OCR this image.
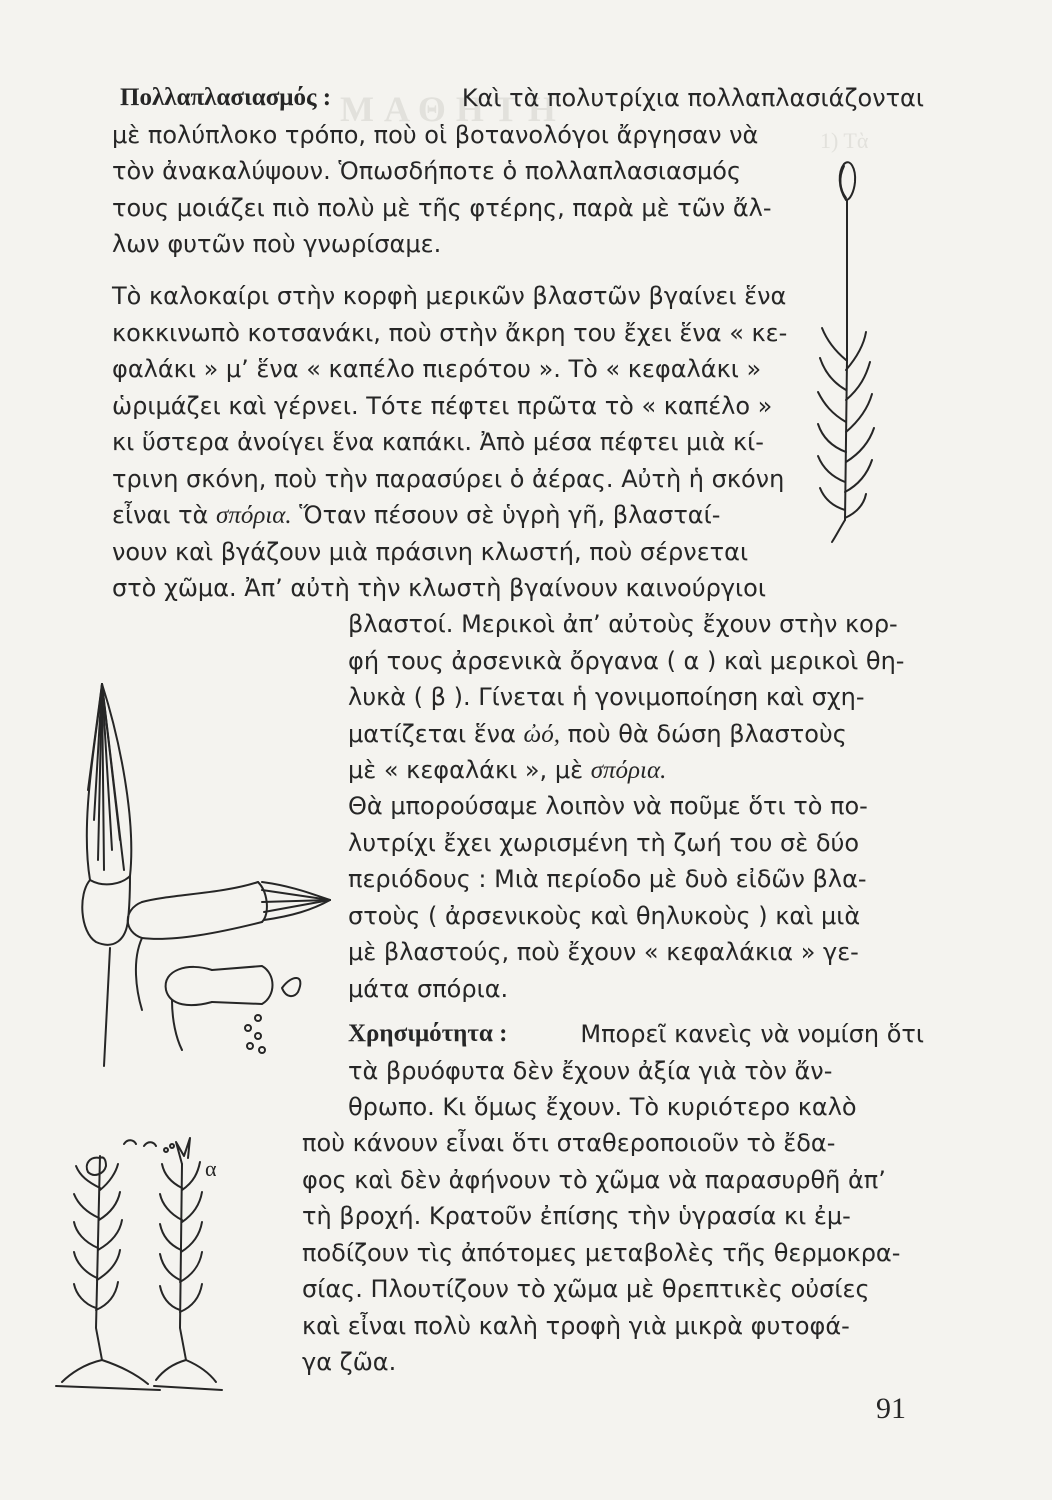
ΜΑΘΗΤΗ
1) Τὰ
Πολλαπλασιασμός :	Καὶ τὰ πολυτρίχια πολλαπλασιάζονται
μὲ πολύπλοκο τρόπο, ποὺ οἱ βοτανολόγοι ἄργησαν νὰ
τὸν ἀνακαλύψουν. Ὁπωσδήποτε ὁ πολλαπλασιασμός
τους μοιάζει πιὸ πολὺ μὲ τῆς φτέρης, παρὰ μὲ τῶν ἄλ-
λων φυτῶν ποὺ γνωρίσαμε.
Τὸ καλοκαίρι στὴν κορφὴ μερικῶν βλαστῶν βγαίνει ἕνα
κοκκινωπὸ κοτσανάκι, ποὺ στὴν ἄκρη του ἔχει ἕνα « κε-
φαλάκι » μ’ ἕνα « καπέλο πιερότου ». Τὸ « κεφαλάκι »
ὡριμάζει καὶ γέρνει. Τότε πέφτει πρῶτα τὸ « καπέλο »
κι ὕστερα ἀνοίγει ἕνα καπάκι. Ἀπὸ μέσα πέφτει μιὰ κί-
τρινη σκόνη, ποὺ τὴν παρασύρει ὁ ἀέρας. Αὐτὴ ἡ σκόνη
εἶναι τὰ σπόρια. Ὅταν πέσουν σὲ ὑγρὴ γῆ, βλασταί-
νουν καὶ βγάζουν μιὰ πράσινη κλωστή, ποὺ σέρνεται
στὸ χῶμα. Ἀπ’ αὐτὴ τὴν κλωστὴ βγαίνουν καινούργιοι
βλαστοί. Μερικοὶ ἀπ’ αὐτοὺς ἔχουν στὴν κορ-
φή τους ἀρσενικὰ ὄργανα ( α ) καὶ μερικοὶ θη-
λυκὰ ( β ). Γίνεται ἡ γονιμοποίηση καὶ σχη-
ματίζεται ἕνα ὠό, ποὺ θὰ δώση βλαστοὺς
μὲ « κεφαλάκι », μὲ σπόρια.
Θὰ μπορούσαμε λοιπὸν νὰ ποῦμε ὅτι τὸ πο-
λυτρίχι ἔχει χωρισμένη τὴ ζωή του σὲ δύο
περιόδους : Μιὰ περίοδο μὲ δυὸ εἰδῶν βλα-
στοὺς ( ἀρσενικοὺς καὶ θηλυκοὺς ) καὶ μιὰ
μὲ βλαστούς, ποὺ ἔχουν « κεφαλάκια » γε-
μάτα σπόρια.
Χρησιμότητα :	Μπορεῖ κανεὶς νὰ νομίση ὅτι
τὰ βρυόφυτα δὲν ἔχουν ἀξία γιὰ τὸν ἄν-
θρωπο. Κι ὅμως ἔχουν. Τὸ κυριότερο καλὸ
ποὺ κάνουν εἶναι ὅτι σταθεροποιοῦν τὸ ἔδα-
φος καὶ δὲν ἀφήνουν τὸ χῶμα νὰ παρασυρθῆ ἀπ’
τὴ βροχή. Κρατοῦν ἐπίσης τὴν ὑγρασία κι ἐμ-
ποδίζουν τὶς ἀπότομες μεταβολὲς τῆς θερμοκρα-
σίας. Πλουτίζουν τὸ χῶμα μὲ θρεπτικὲς οὐσίες
καὶ εἶναι πολὺ καλὴ τροφὴ γιὰ μικρὰ φυτοφά-
γα ζῶα.
α
91
